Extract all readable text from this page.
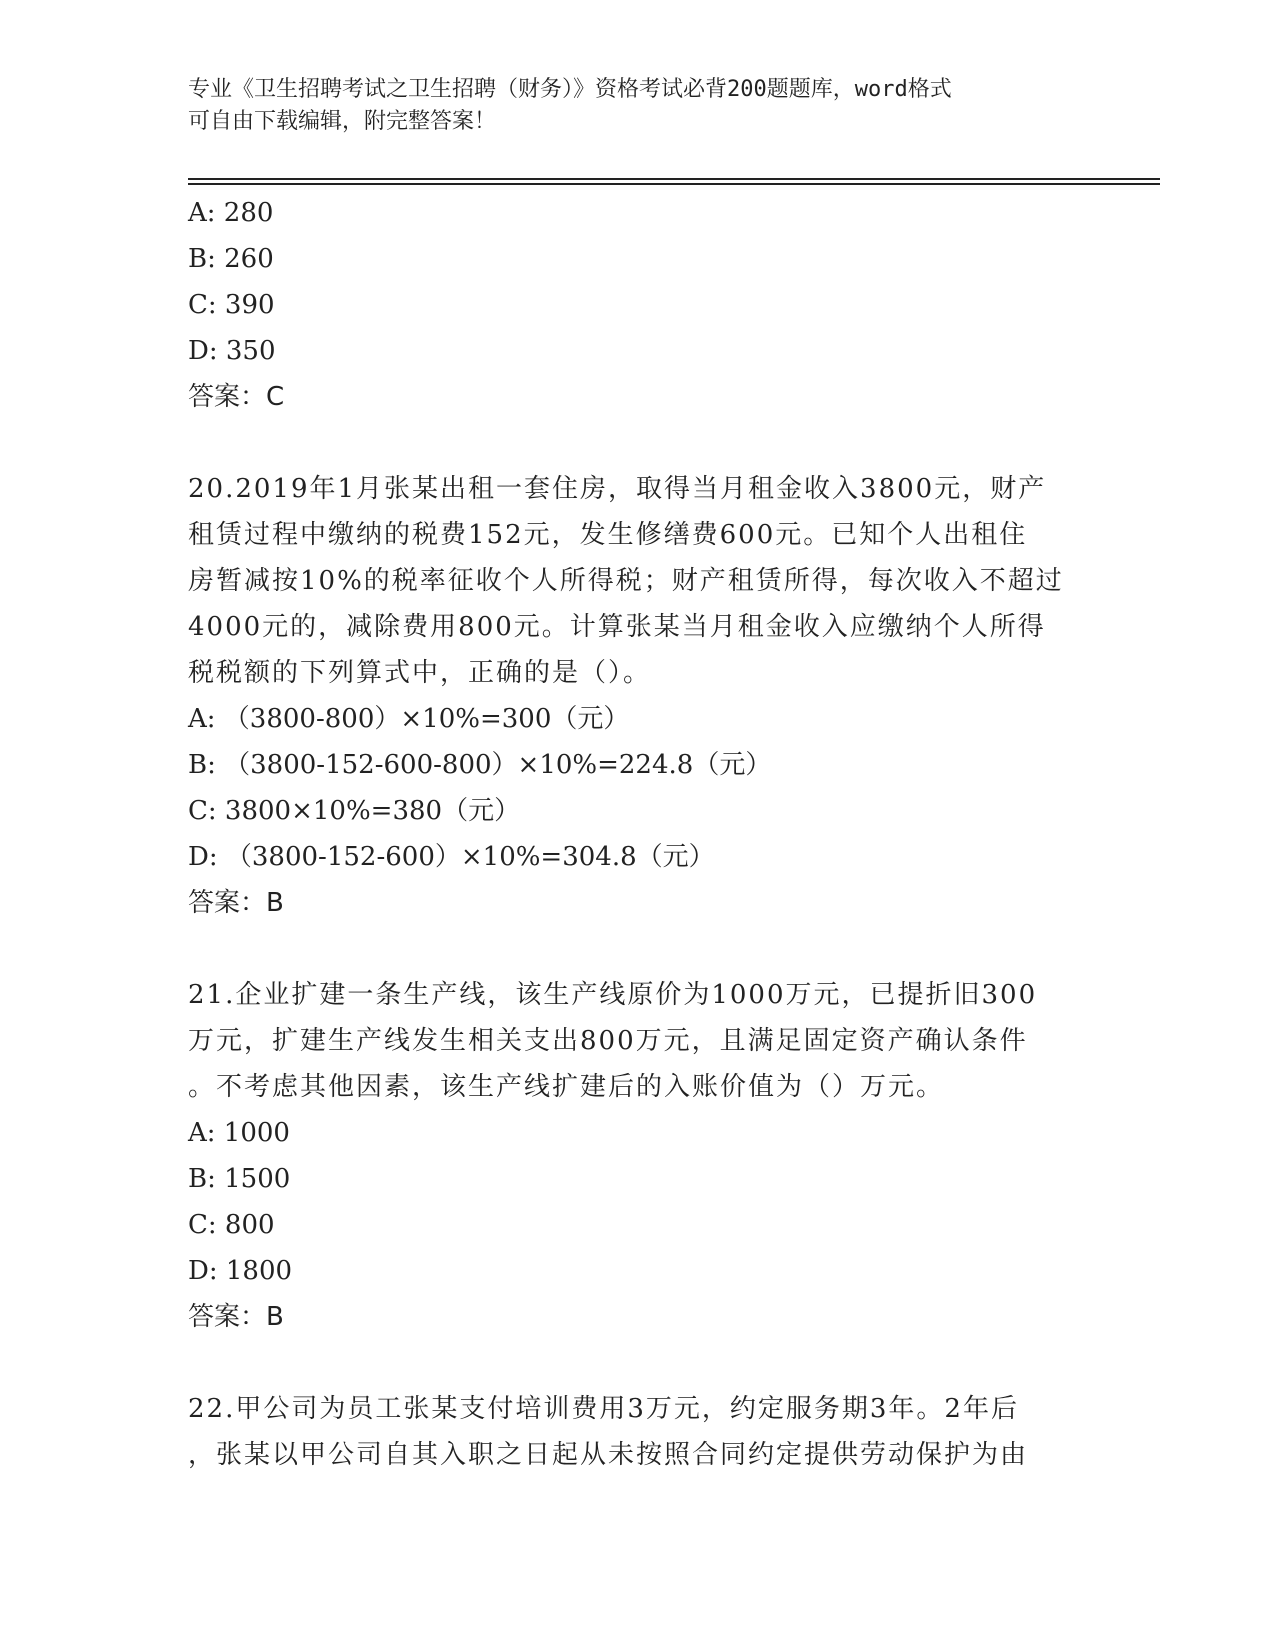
专业《卫生招聘考试之卫生招聘（财务）》资格考试必背200题题库，word格式
可自由下载编辑，附完整答案！
A: 280
B: 260
C: 390
D: 350
答案：C
20.2019年1月张某出租一套住房，取得当月租金收入3800元，财产
租赁过程中缴纳的税费152元，发生修缮费600元。已知个人出租住
房暂减按10%的税率征收个人所得税；财产租赁所得，每次收入不超过
4000元的，减除费用800元。计算张某当月租金收入应缴纳个人所得
税税额的下列算式中，正确的是（）。
A: （3800-800）×10%=300（元）
B: （3800-152-600-800）×10%=224.8（元）
C: 3800×10%=380（元）
D: （3800-152-600）×10%=304.8（元）
答案：B
21.企业扩建一条生产线，该生产线原价为1000万元，已提折旧300
万元，扩建生产线发生相关支出800万元，且满足固定资产确认条件
。不考虑其他因素，该生产线扩建后的入账价值为（）万元。
A: 1000
B: 1500
C: 800
D: 1800
答案：B
22.甲公司为员工张某支付培训费用3万元，约定服务期3年。2年后
，张某以甲公司自其入职之日起从未按照合同约定提供劳动保护为由
